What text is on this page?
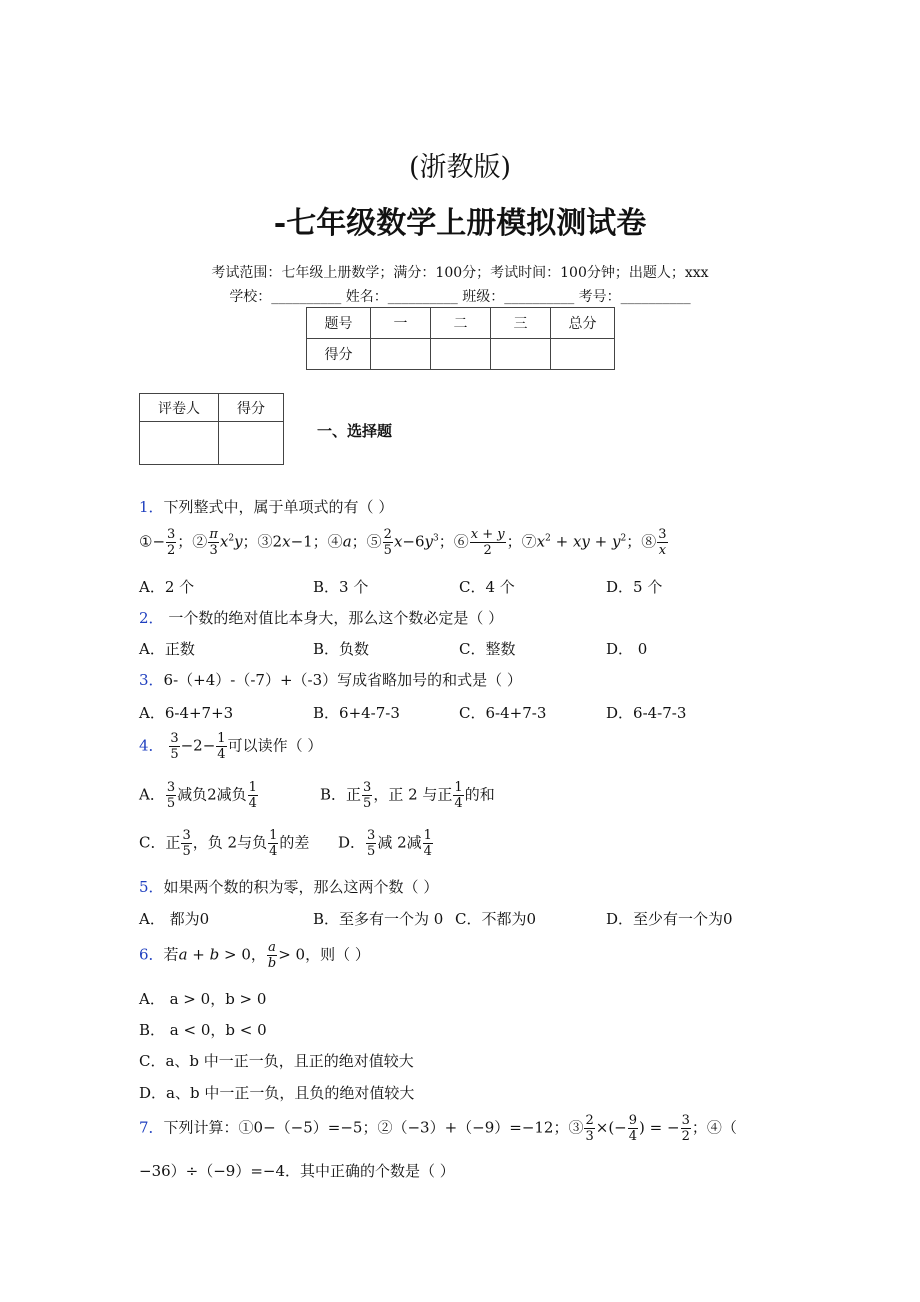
(浙教版)
-七年级数学上册模拟测试卷
考试范围：七年级上册数学；满分：100分；考试时间：100分钟；出题人；xxx
学校：__________ 姓名：__________ 班级：__________ 考号：__________
题号	一	二	三	总分
得分				
评卷人	得分

一、选择题
1．下列整式中，属于单项式的有（ ）
①− $\frac{3}{2}$ ；② $\frac{\pi}{3} x^2y$；③2x−1；④a；⑤ $\frac{2}{5} x-6y^3$；⑥ $\frac{x + y}{2}$ ；$⑦x^2$ + xy + $y^2$；⑧ $\frac{3}{x}$
A．2 个	B．3 个	C．4 个	D．5 个
2． 一个数的绝对值比本身大，那么这个数必定是（ ）
A．正数	B．负数	C．整数	D． 0
3．6-（+4）-（-7）+（-3）写成省略加号的和式是（ ）
A．6-4+7+3	B．6+4-7-3	C．6-4+7-3	D．6-4-7-3
4． $\frac{3}{5} -2- \frac{1}{4}$ 可以读作（ ）
A． $\frac{3}{5}$ 减负2减负 $\frac{1}{4}$	B．正 $\frac{3}{5}$ ，正 2 与正 $\frac{1}{4}$ 的和
C．正 $\frac{3}{5}$ ，负 2与负 $\frac{1}{4}$ 的差 D． $\frac{3}{5}$ 减 2减 $\frac{1}{4}$
5．如果两个数的积为零，那么这两个数（ ）
A． 都为0	B．至多有一个为 0 C．不都为0	D．至少有一个为0
6．若a + b > 0， $\frac{a}{b} > 0$，则（ ）
A． a > 0，b > 0
B． a < 0，b < 0
C．a、b 中一正一负，且正的绝对值较大
D．a、b 中一正一负，且负的绝对值较大
7．下列计算：①0−（−5）=−5；②（−3）+（−9）=−12；③ $\frac{2}{3}$ ×(− $\frac{9}{4}$ ) = − $\frac{3}{2}$ ；④（
−36）÷（−9）=−4．其中正确的个数是（ ）
